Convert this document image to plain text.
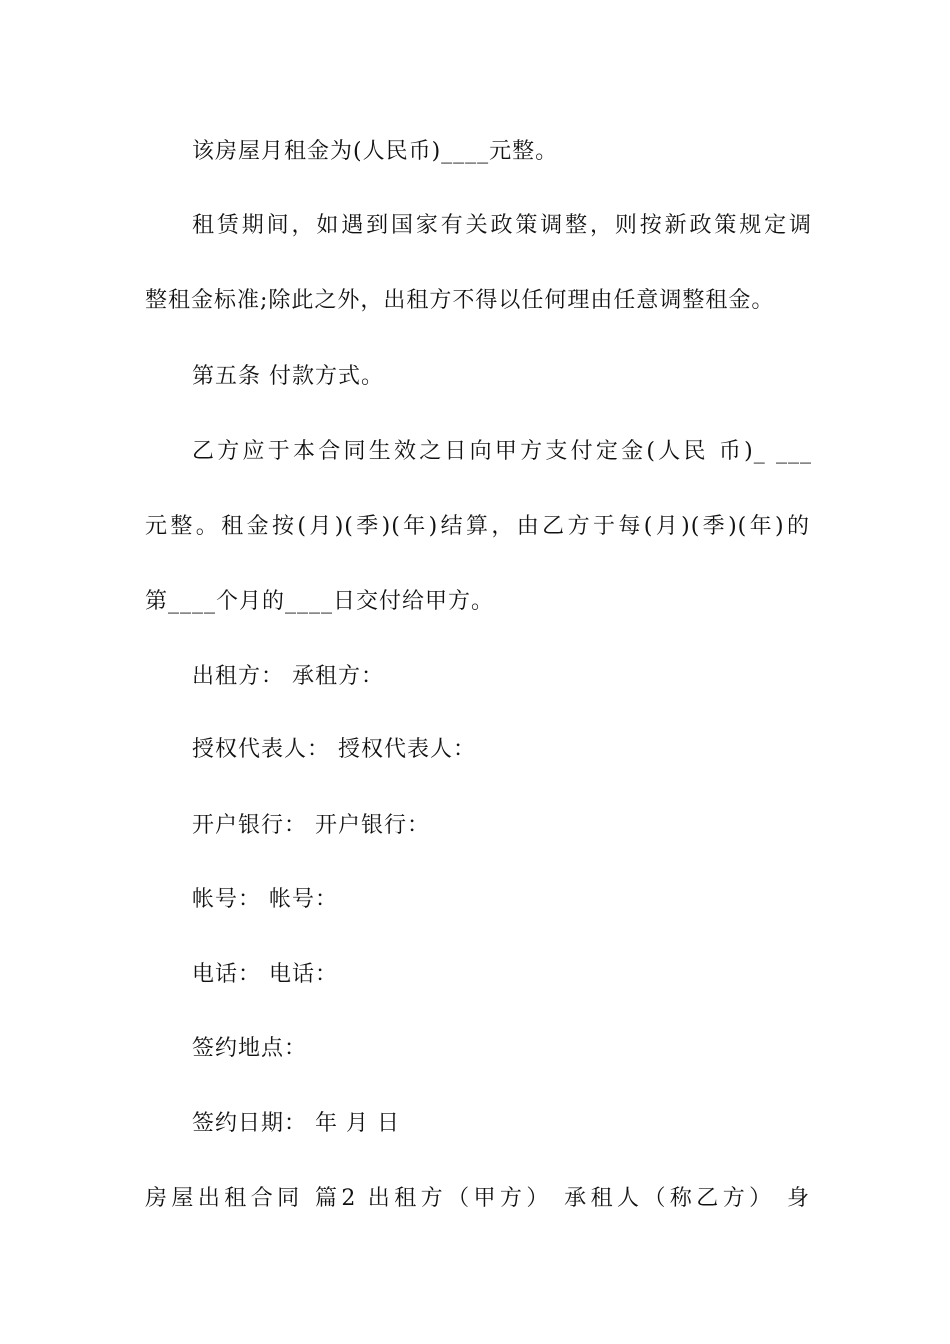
该房屋月租金为(人民币)____元整。
租赁期间，如遇到国家有关政策调整，则按新政策规定调
整租金标准;除此之外，出租方不得以任何理由任意调整租金。
第五条 付款方式。
乙方应于本合同生效之日向甲方支付定金(人民 币)_ ___
元整。租金按(月)(季)(年)结算，由乙方于每(月)(季)(年)的
第____个月的____日交付给甲方。
出租方： 承租方：
授权代表人： 授权代表人：
开户银行： 开户银行：
帐号： 帐号：
电话： 电话：
签约地点：
签约日期： 年 月 日
房屋出租合同 篇2 出租方（甲方） 承租人（称乙方） 身
